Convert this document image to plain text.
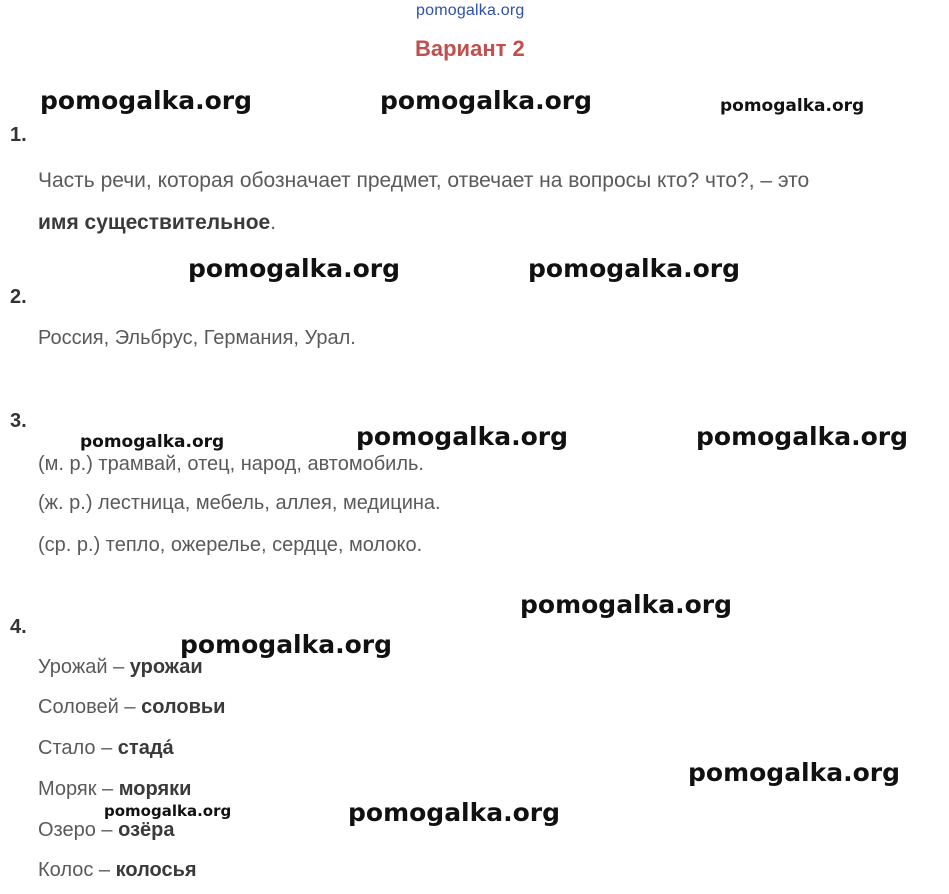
pomogalka.org
Вариант 2
1.
Часть речи, которая обозначает предмет, отвечает на вопросы кто? что?, – это
имя существительное.
2.
Россия, Эльбрус, Германия, Урал.
3.
(м. р.) трамвай, отец, народ, автомобиль.
(ж. р.) лестница, мебель, аллея, медицина.
(ср. р.) тепло, ожерелье, сердце, молоко.
4.
Урожай – урожаи
Соловей – соловьи
Стало – стада́
Моряк – моряки
Озеро – озёра
Колос – колосья
pomogalka.org	pomogalka.org	pomogalka.org
pomogalka.org	pomogalka.org
pomogalka.org	pomogalka.org	pomogalka.org
pomogalka.org
pomogalka.org
pomogalka.org
pomogalka.org	pomogalka.org
